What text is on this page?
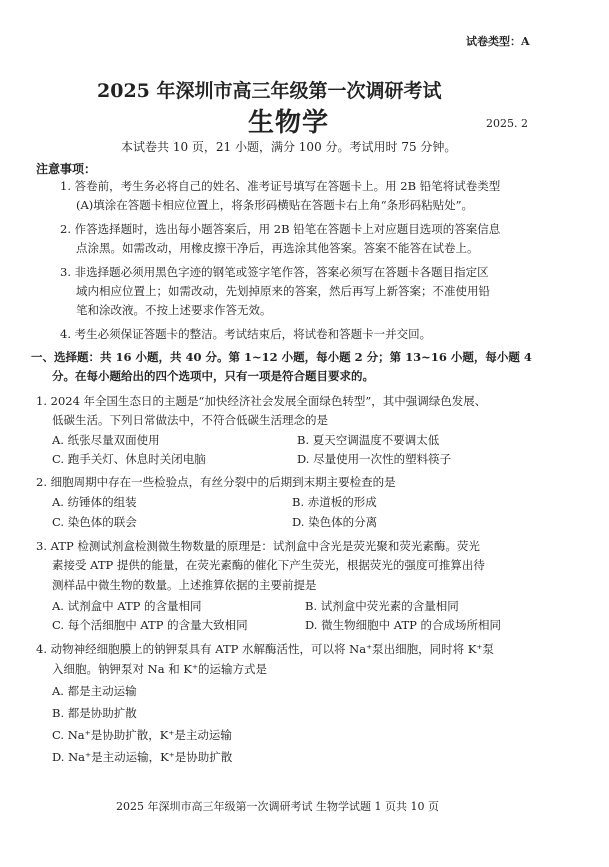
试卷类型：A
2025 年深圳市高三年级第一次调研考试
生物学	2025. 2
本试卷共 10 页，21 小题，满分 100 分。考试用时 75 分钟。
注意事项：
1. 答卷前，考生务必将自己的姓名、准考证号填写在答题卡上。用 2B 铅笔将试卷类型
(A)填涂在答题卡相应位置上，将条形码横贴在答题卡右上角“条形码粘贴处”。
2. 作答选择题时，选出每小题答案后，用 2B 铅笔在答题卡上对应题目选项的答案信息
点涂黑。如需改动，用橡皮擦干净后，再选涂其他答案。答案不能答在试卷上。
3. 非选择题必须用黑色字迹的钢笔或签字笔作答，答案必须写在答题卡各题目指定区
域内相应位置上；如需改动，先划掉原来的答案，然后再写上新答案；不准使用铅
笔和涂改液。不按上述要求作答无效。
4. 考生必须保证答题卡的整洁。考试结束后，将试卷和答题卡一并交回。
一、选择题：共 16 小题，共 40 分。第 1~12 小题，每小题 2 分；第 13~16 小题，每小题 4
分。在每小题给出的四个选项中，只有一项是符合题目要求的。
1. 2024 年全国生态日的主题是“加快经济社会发展全面绿色转型”，其中强调绿色发展、
低碳生活。下列日常做法中，不符合低碳生活理念的是
A. 纸张尽量双面使用	B. 夏天空调温度不要调太低
C. 跑手关灯、休息时关闭电脑	D. 尽量使用一次性的塑料筷子
2. 细胞周期中存在一些检验点，有丝分裂中的后期到末期主要检查的是
A. 纺锤体的组装	B. 赤道板的形成
C. 染色体的联会	D. 染色体的分离
3. ATP 检测试剂盒检测微生物数量的原理是：试剂盒中含光是荧光聚和荧光素酶。荧光
素接受 ATP 提供的能量，在荧光素酶的催化下产生荧光，根据荧光的强度可推算出待
测样品中微生物的数量。上述推算依据的主要前提是
A. 试剂盒中 ATP 的含量相同	B. 试剂盒中荧光素的含量相同
C. 每个活细胞中 ATP 的含量大致相同	D. 微生物细胞中 ATP 的合成场所相同
4. 动物神经细胞膜上的钠钾泵具有 ATP 水解酶活性，可以将 Na⁺泵出细胞，同时将 K⁺泵
入细胞。钠钾泵对 Na 和 K⁺的运输方式是
A. 都是主动运输
B. 都是协助扩散
C. Na⁺是协助扩散，K⁺是主动运输
D. Na⁺是主动运输，K⁺是协助扩散
2025 年深圳市高三年级第一次调研考试 生物学试题 1 页共 10 页
